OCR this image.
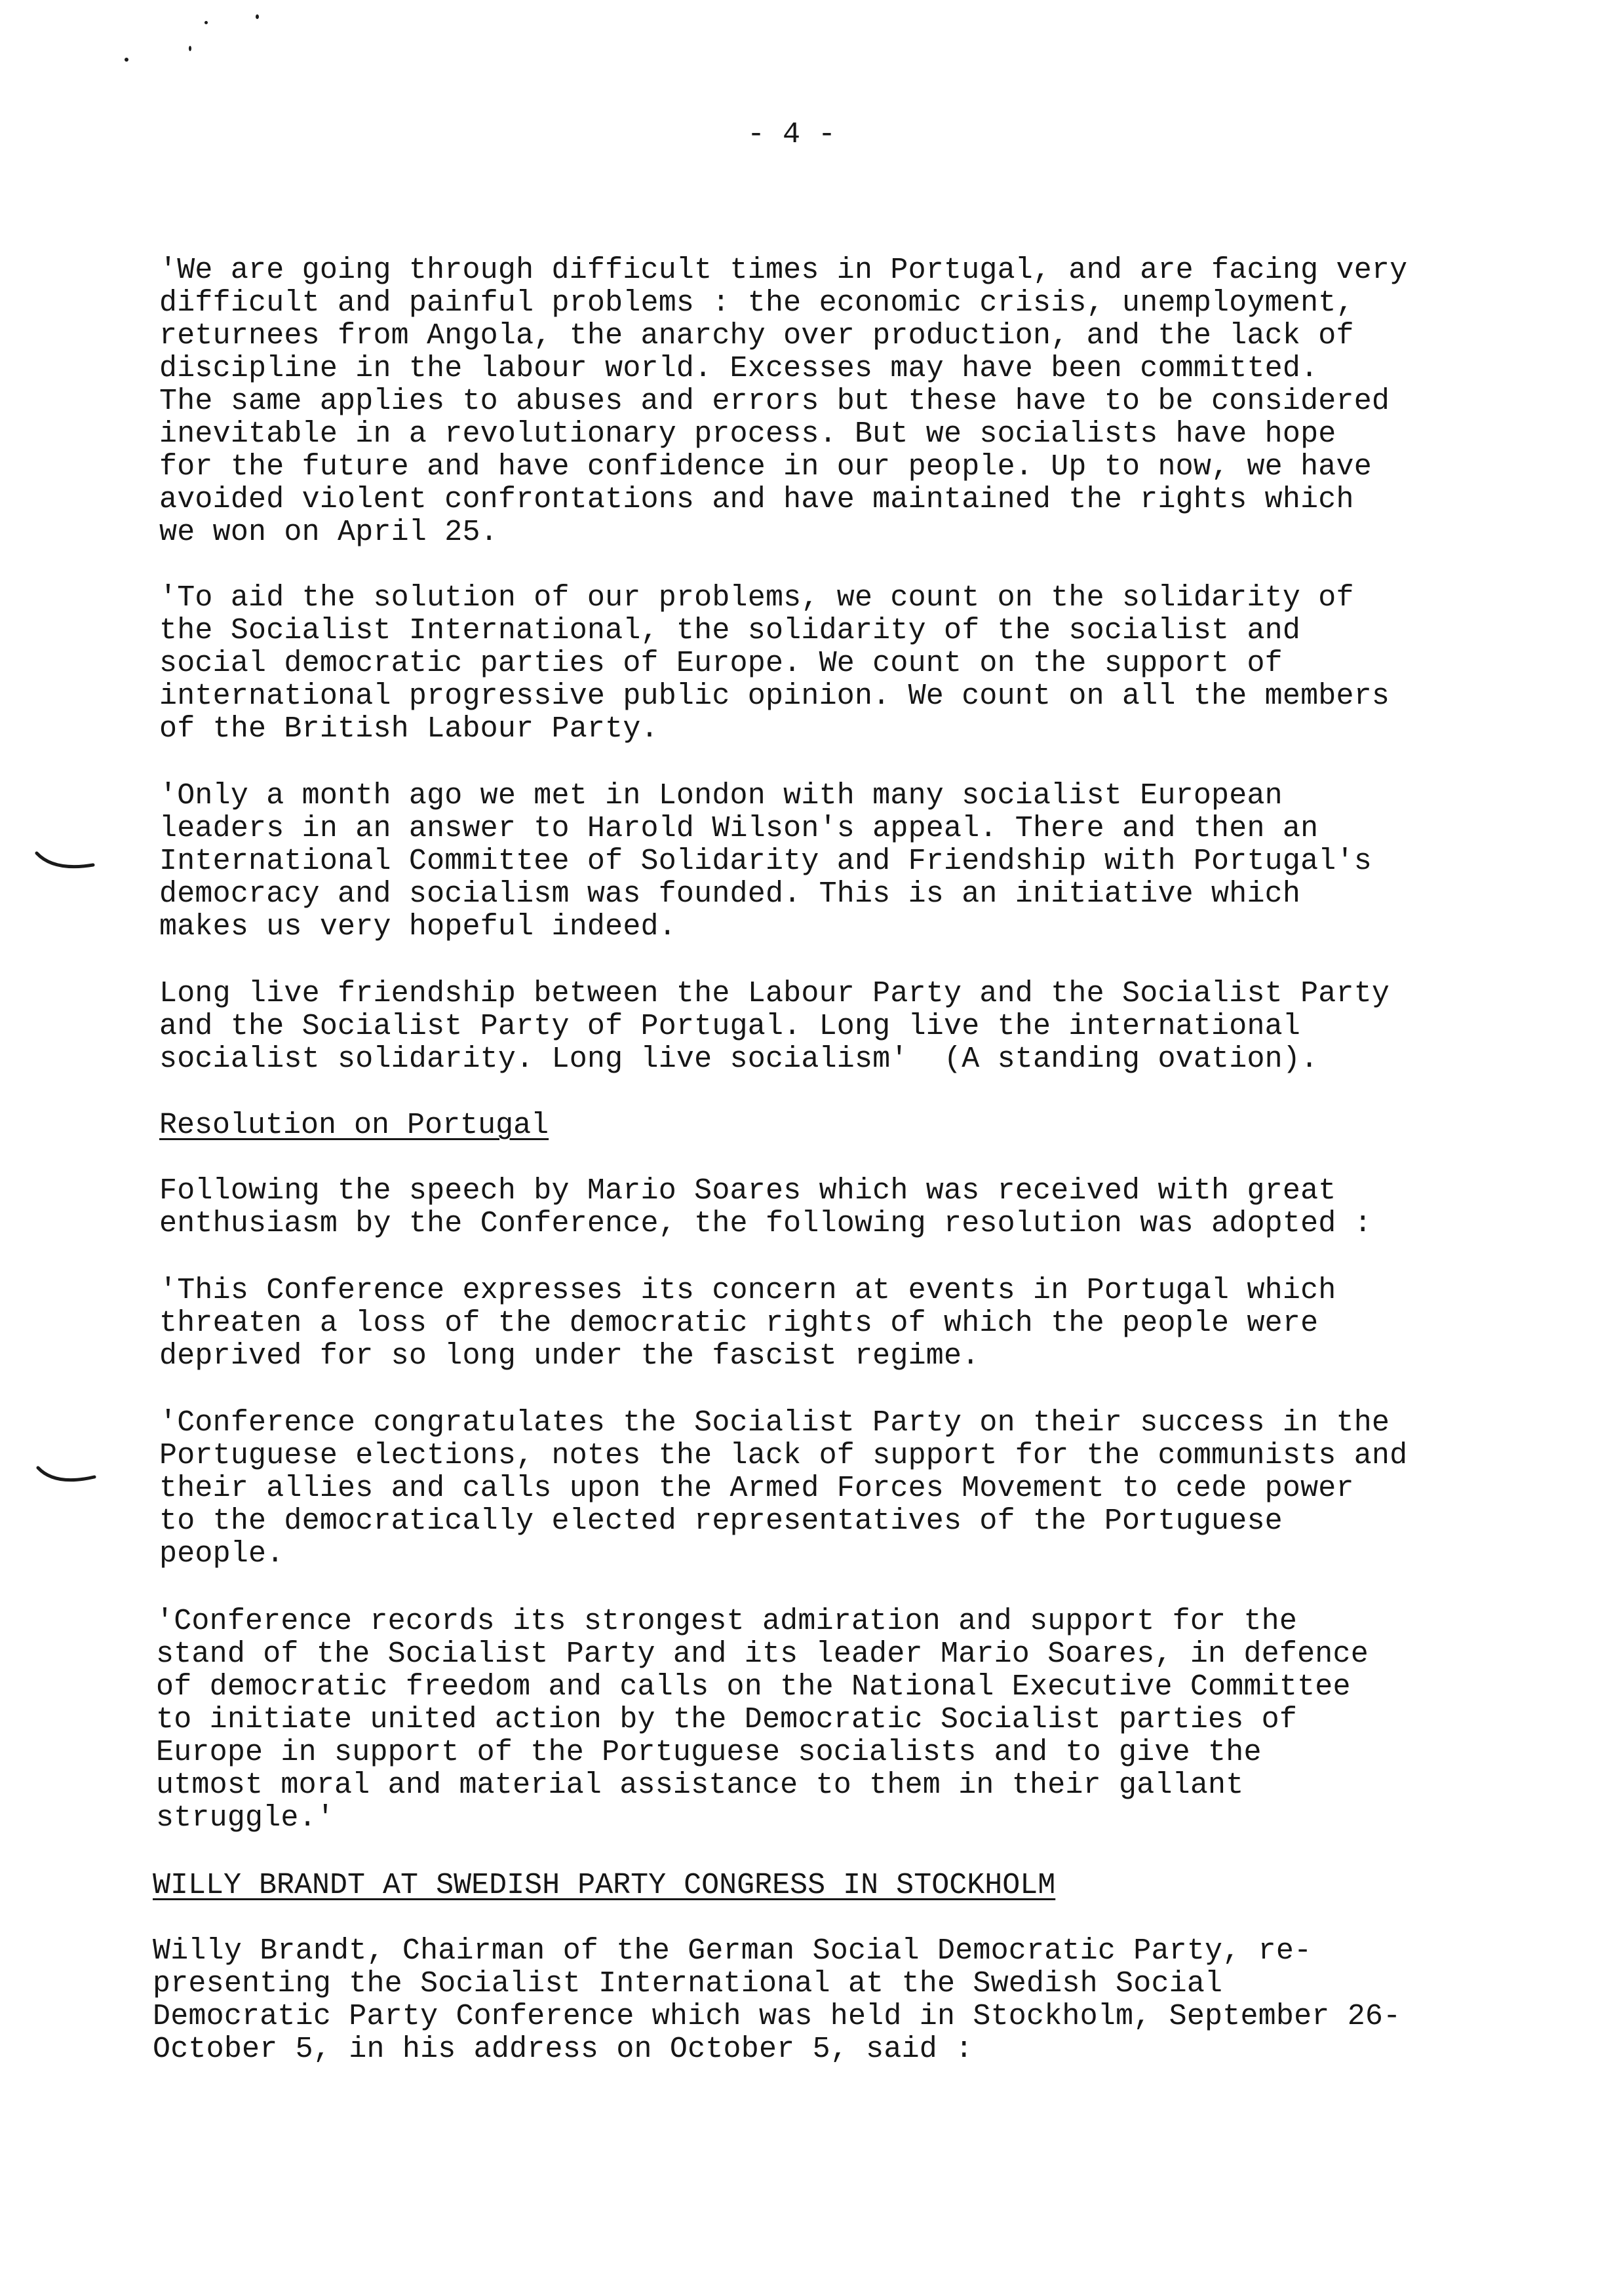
- 4 -
'We are going through difficult times in Portugal, and are facing very
difficult and painful problems : the economic crisis, unemployment,
returnees from Angola, the anarchy over production, and the lack of
discipline in the labour world. Excesses may have been committed.
The same applies to abuses and errors but these have to be considered
inevitable in a revolutionary process. But we socialists have hope
for the future and have confidence in our people. Up to now, we have
avoided violent confrontations and have maintained the rights which
we won on April 25.
'To aid the solution of our problems, we count on the solidarity of
the Socialist International, the solidarity of the socialist and
social democratic parties of Europe. We count on the support of
international progressive public opinion. We count on all the members
of the British Labour Party.
'Only a month ago we met in London with many socialist European
leaders in an answer to Harold Wilson's appeal. There and then an
International Committee of Solidarity and Friendship with Portugal's
democracy and socialism was founded. This is an initiative which
makes us very hopeful indeed.
Long live friendship between the Labour Party and the Socialist Party
and the Socialist Party of Portugal. Long live the international
socialist solidarity. Long live socialism'  (A standing ovation).
Resolution on Portugal
Following the speech by Mario Soares which was received with great
enthusiasm by the Conference, the following resolution was adopted :
'This Conference expresses its concern at events in Portugal which
threaten a loss of the democratic rights of which the people were
deprived for so long under the fascist regime.
'Conference congratulates the Socialist Party on their success in the
Portuguese elections, notes the lack of support for the communists and
their allies and calls upon the Armed Forces Movement to cede power
to the democratically elected representatives of the Portuguese
people.
'Conference records its strongest admiration and support for the
stand of the Socialist Party and its leader Mario Soares, in defence
of democratic freedom and calls on the National Executive Committee
to initiate united action by the Democratic Socialist parties of
Europe in support of the Portuguese socialists and to give the
utmost moral and material assistance to them in their gallant
struggle.'
WILLY BRANDT AT SWEDISH PARTY CONGRESS IN STOCKHOLM
Willy Brandt, Chairman of the German Social Democratic Party, re-
presenting the Socialist International at the Swedish Social
Democratic Party Conference which was held in Stockholm, September 26-
October 5, in his address on October 5, said :
